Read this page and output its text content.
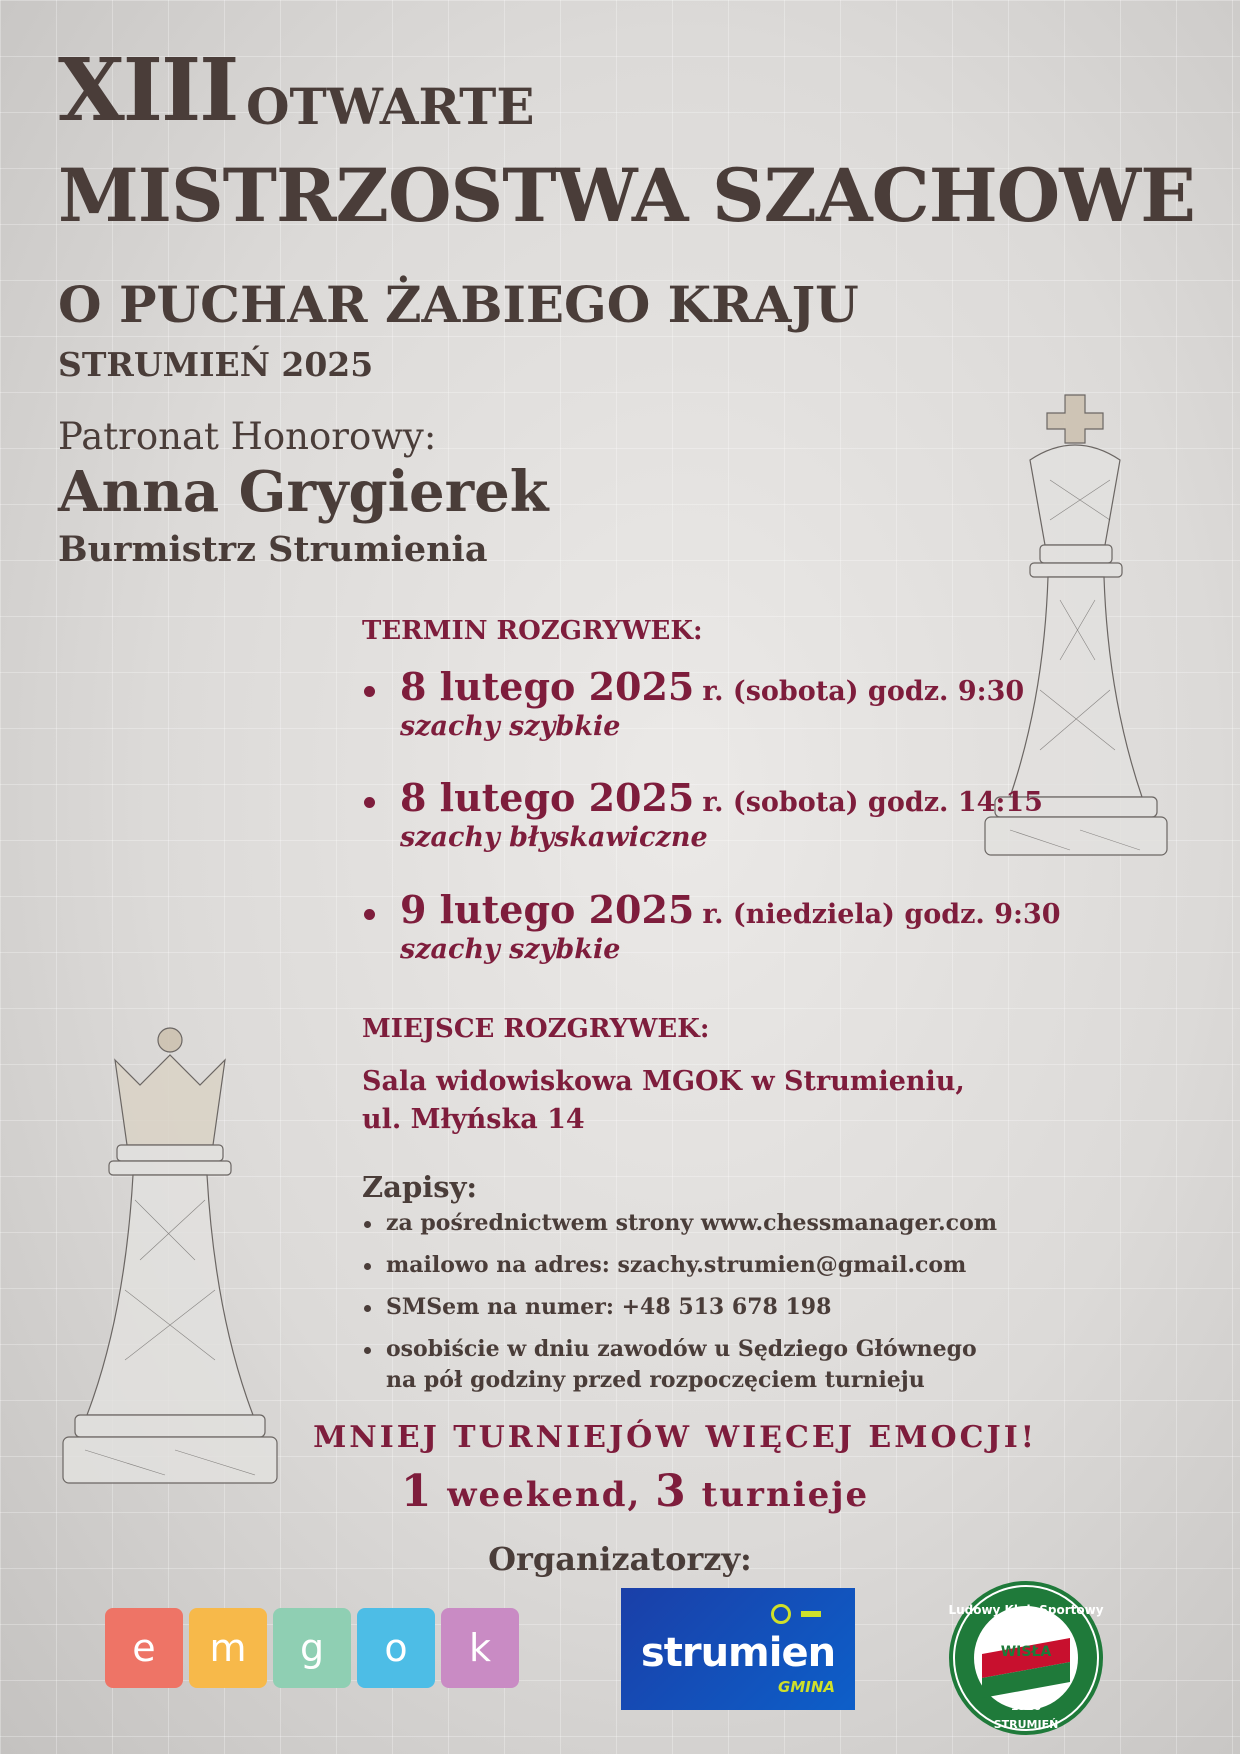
XIII OTWARTE
MISTRZOSTWA SZACHOWE
O PUCHAR ŻABIEGO KRAJU
STRUMIEŃ 2025
Patronat Honorowy:
Anna Grygierek
Burmistrz Strumienia
TERMIN ROZGRYWEK:
8 lutego 2025 r. (sobota) godz. 9:30
szachy szybkie
8 lutego 2025 r. (sobota) godz. 14:15
szachy błyskawiczne
9 lutego 2025 r. (niedziela) godz. 9:30
szachy szybkie
MIEJSCE ROZGRYWEK:
Sala widowiskowa MGOK w Strumieniu,
ul. Młyńska 14
Zapisy:
za pośrednictwem strony www.chessmanager.com
mailowo na adres: szachy.strumien@gmail.com
SMSem na numer: +48 513 678 198
osobiście w dniu zawodów u Sędziego Głównego
na pół godziny przed rozpoczęciem turnieju
MNIEJ TURNIEJÓW WIĘCEJ EMOCJI!
1 weekend, 3 turnieje
Organizatorzy:
e	m	g	o	k	strumien
GMINA
Ludowy Klub Sportowy
WISŁA
1920
STRUMIEŃ
